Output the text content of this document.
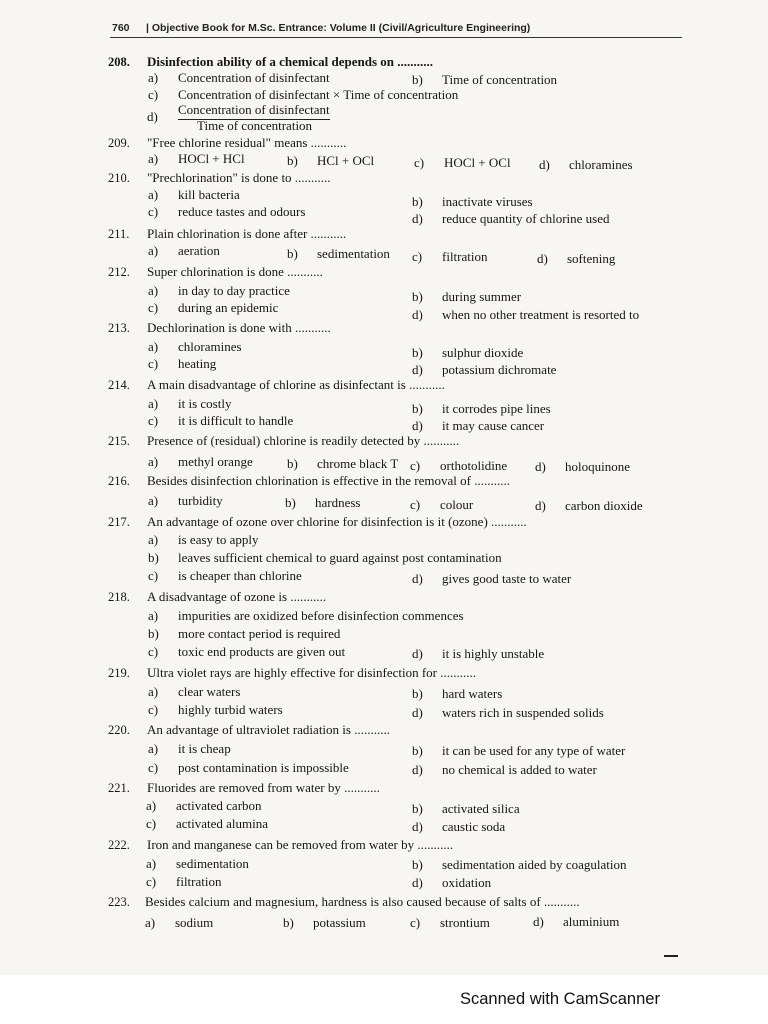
760 | Objective Book for M.Sc. Entrance: Volume II (Civil/Agriculture Engineering)
208. Disinfection ability of a chemical depends on ...........
a) Concentration of disinfectant	b) Time of concentration
c) Concentration of disinfectant × Time of concentration
d) Concentration of disinfectant
Time of concentration
209. "Free chlorine residual" means ...........
a) HOCl + HCl	b) HCl + OCl	c) HOCl + OCl d) chloramines
210. "Prechlorination" is done to ...........
a) kill bacteria	b) inactivate viruses
c) reduce tastes and odours	d) reduce quantity of chlorine used
211. Plain chlorination is done after ...........
a) aeration	b) sedimentation c) filtration	d) softening
212. Super chlorination is done ...........
a) in day to day practice	b) during summer
c) during an epidemic	d) when no other treatment is resorted to
213. Dechlorination is done with ...........
a) chloramines	b) sulphur dioxide
c) heating	d) potassium dichromate
214. A main disadvantage of chlorine as disinfectant is ...........
a) it is costly	b) it corrodes pipe lines
c) it is difficult to handle	d) it may cause cancer
215. Presence of (residual) chlorine is readily detected by ...........
a) methyl orange	b) chrome black T c) orthotolidine d) holoquinone
216. Besides disinfection chlorination is effective in the removal of ...........
a) turbidity	b) hardness	c) colour	d) carbon dioxide
217. An advantage of ozone over chlorine for disinfection is it (ozone) ...........
a) is easy to apply
b) leaves sufficient chemical to guard against post contamination
c) is cheaper than chlorine	d) gives good taste to water
218. A disadvantage of ozone is ...........
a) impurities are oxidized before disinfection commences
b) more contact period is required
c) toxic end products are given out	d) it is highly unstable
219. Ultra violet rays are highly effective for disinfection for ...........
a) clear waters	b) hard waters
c) highly turbid waters	d) waters rich in suspended solids
220. An advantage of ultraviolet radiation is ...........
a) it is cheap	b) it can be used for any type of water
c) post contamination is impossible	d) no chemical is added to water
221. Fluorides are removed from water by ...........
a) activated carbon	b) activated silica
c) activated alumina	d) caustic soda
222. Iron and manganese can be removed from water by ...........
a) sedimentation	b) sedimentation aided by coagulation
c) filtration	d) oxidation
223. Besides calcium and magnesium, hardness is also caused because of salts of ...........
a) sodium	b) potassium	c) strontium	d) aluminium
Scanned with CamScanner
